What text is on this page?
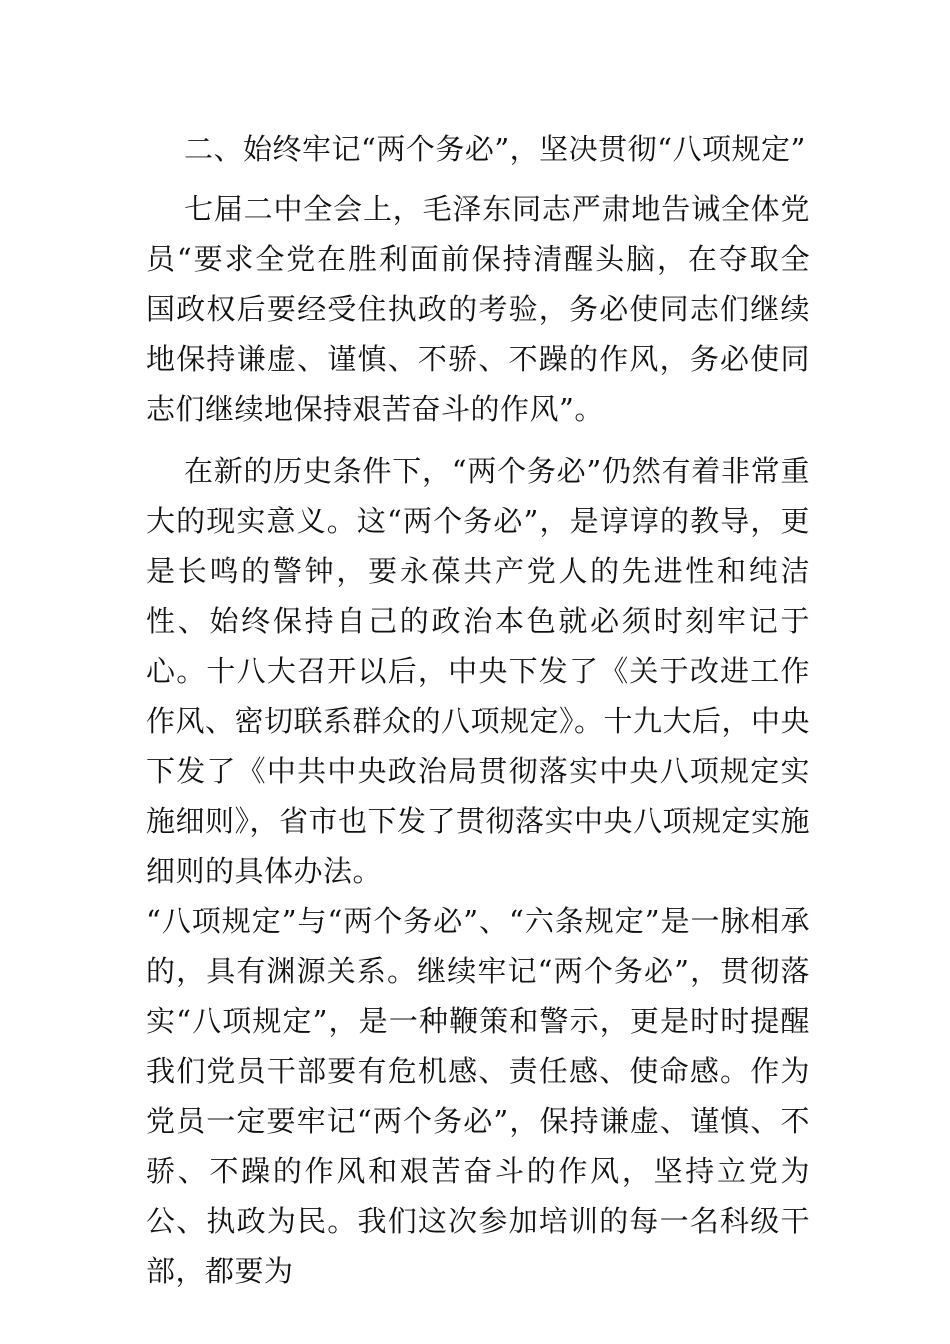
二、始终牢记“两个务必”，坚决贯彻“八项规定”

七届二中全会上，毛泽东同志严肃地告诫全体党员“要求全党在胜利面前保持清醒头脑，在夺取全国政权后要经受住执政的考验，务必使同志们继续地保持谦虚、谨慎、不骄、不躁的作风，务必使同志们继续地保持艰苦奋斗的作风”。

在新的历史条件下，“两个务必”仍然有着非常重大的现实意义。这“两个务必”，是谆谆的教导，更是长鸣的警钟，要永葆共产党人的先进性和纯洁性、始终保持自己的政治本色就必须时刻牢记于心。十八大召开以后，中央下发了《关于改进工作作风、密切联系群众的八项规定》。十九大后，中央下发了《中共中央政治局贯彻落实中央八项规定实施细则》，省市也下发了贯彻落实中央八项规定实施细则的具体办法。

“八项规定”与“两个务必”、“六条规定”是一脉相承的，具有渊源关系。继续牢记“两个务必”，贯彻落实“八项规定”，是一种鞭策和警示，更是时时提醒我们党员干部要有危机感、责任感、使命感。作为党员一定要牢记“两个务必”，保持谦虚、谨慎、不骄、不躁的作风和艰苦奋斗的作风，坚持立党为公、执政为民。我们这次参加培训的每一名科级干部，都要为
